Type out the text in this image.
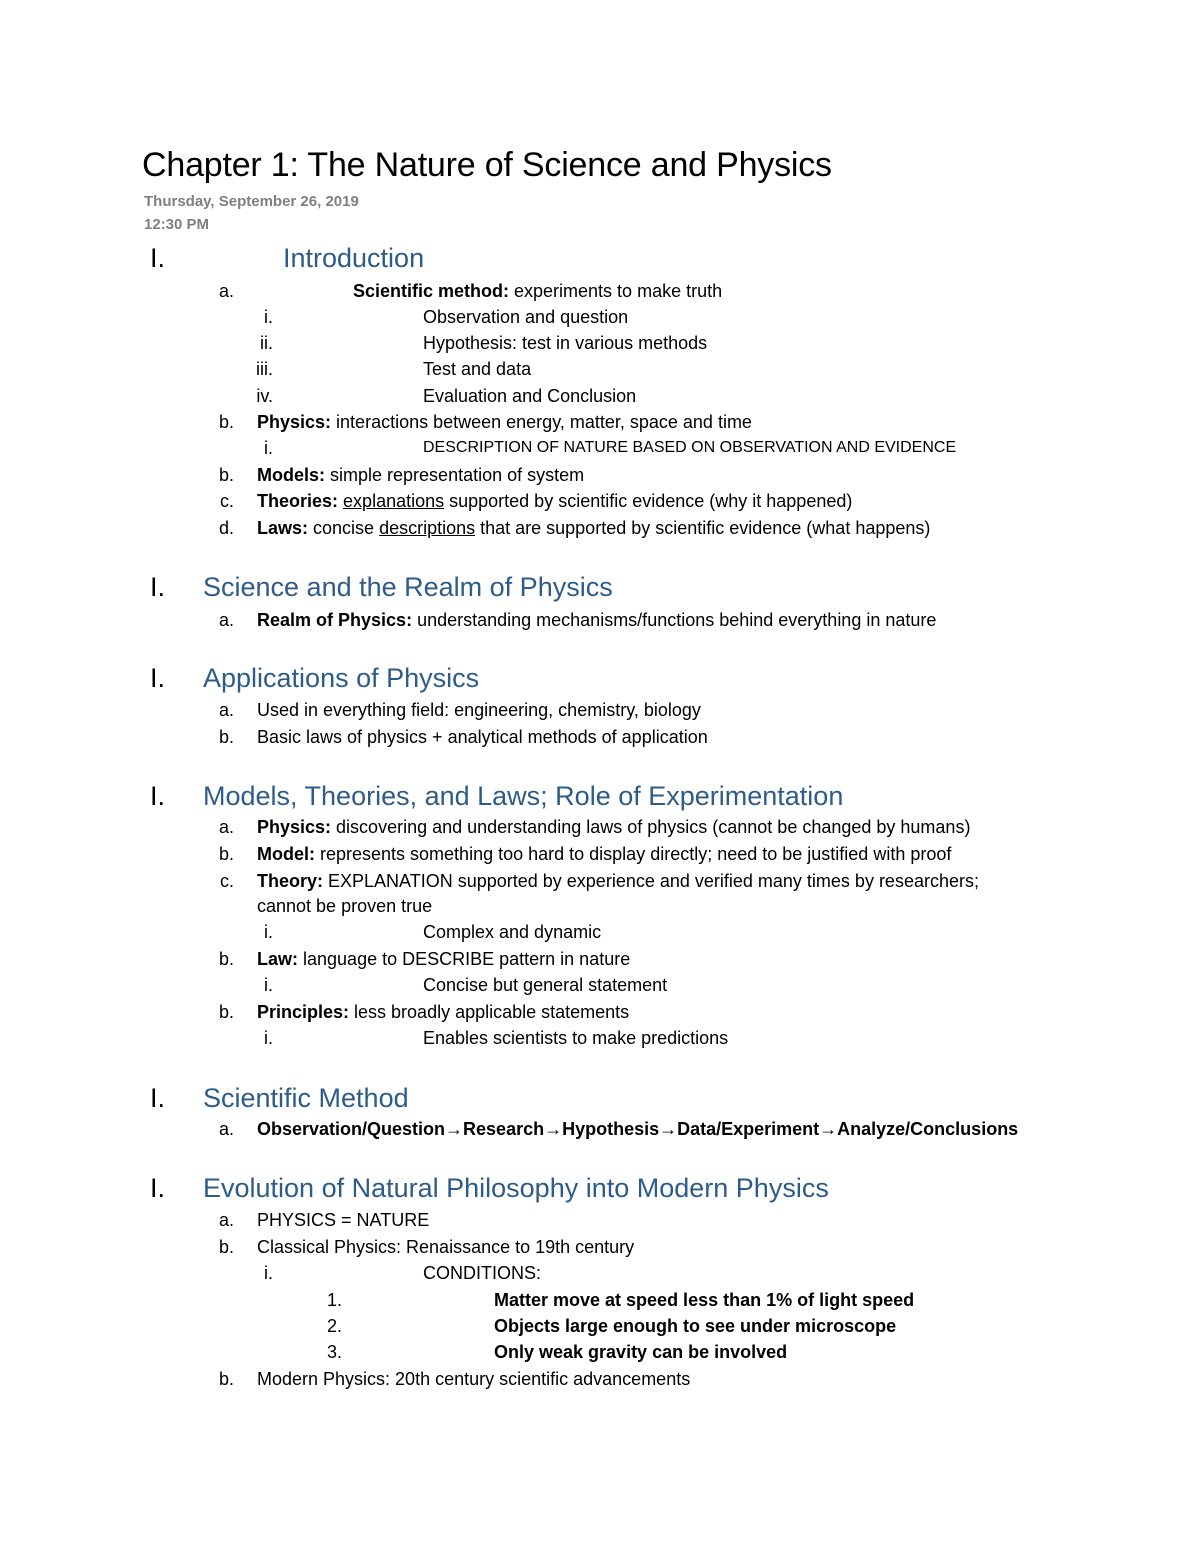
Chapter 1: The Nature of Science and Physics
Thursday, September 26, 2019
12:30 PM
I.	Introduction
a.	Scientific method: experiments to make truth
i.	Observation and question
ii.	Hypothesis: test in various methods
iii.	Test and data
iv.	Evaluation and Conclusion
b. Physics: interactions between energy, matter, space and time
i.	DESCRIPTION OF NATURE BASED ON OBSERVATION AND EVIDENCE
b. Models: simple representation of system
c. Theories: explanations supported by scientific evidence (why it happened)
d. Laws: concise descriptions that are supported by scientific evidence (what happens)
I. Science and the Realm of Physics
a. Realm of Physics: understanding mechanisms/functions behind everything in nature
I. Applications of Physics
a. Used in everything field: engineering, chemistry, biology
b. Basic laws of physics + analytical methods of application
I. Models, Theories, and Laws; Role of Experimentation
a. Physics: discovering and understanding laws of physics (cannot be changed by humans)
b. Model: represents something too hard to display directly; need to be justified with proof
c. Theory: EXPLANATION supported by experience and verified many times by researchers;
cannot be proven true
i.	Complex and dynamic
b. Law: language to DESCRIBE pattern in nature
i.	Concise but general statement
b. Principles: less broadly applicable statements
i.	Enables scientists to make predictions
I. Scientific Method
a. Observation/Question→Research→Hypothesis→Data/Experiment→Analyze/Conclusions
I. Evolution of Natural Philosophy into Modern Physics
a. PHYSICS = NATURE
b. Classical Physics: Renaissance to 19th century
i.	CONDITIONS:
1.	Matter move at speed less than 1% of light speed
2.	Objects large enough to see under microscope
3.	Only weak gravity can be involved
b. Modern Physics: 20th century scientific advancements
